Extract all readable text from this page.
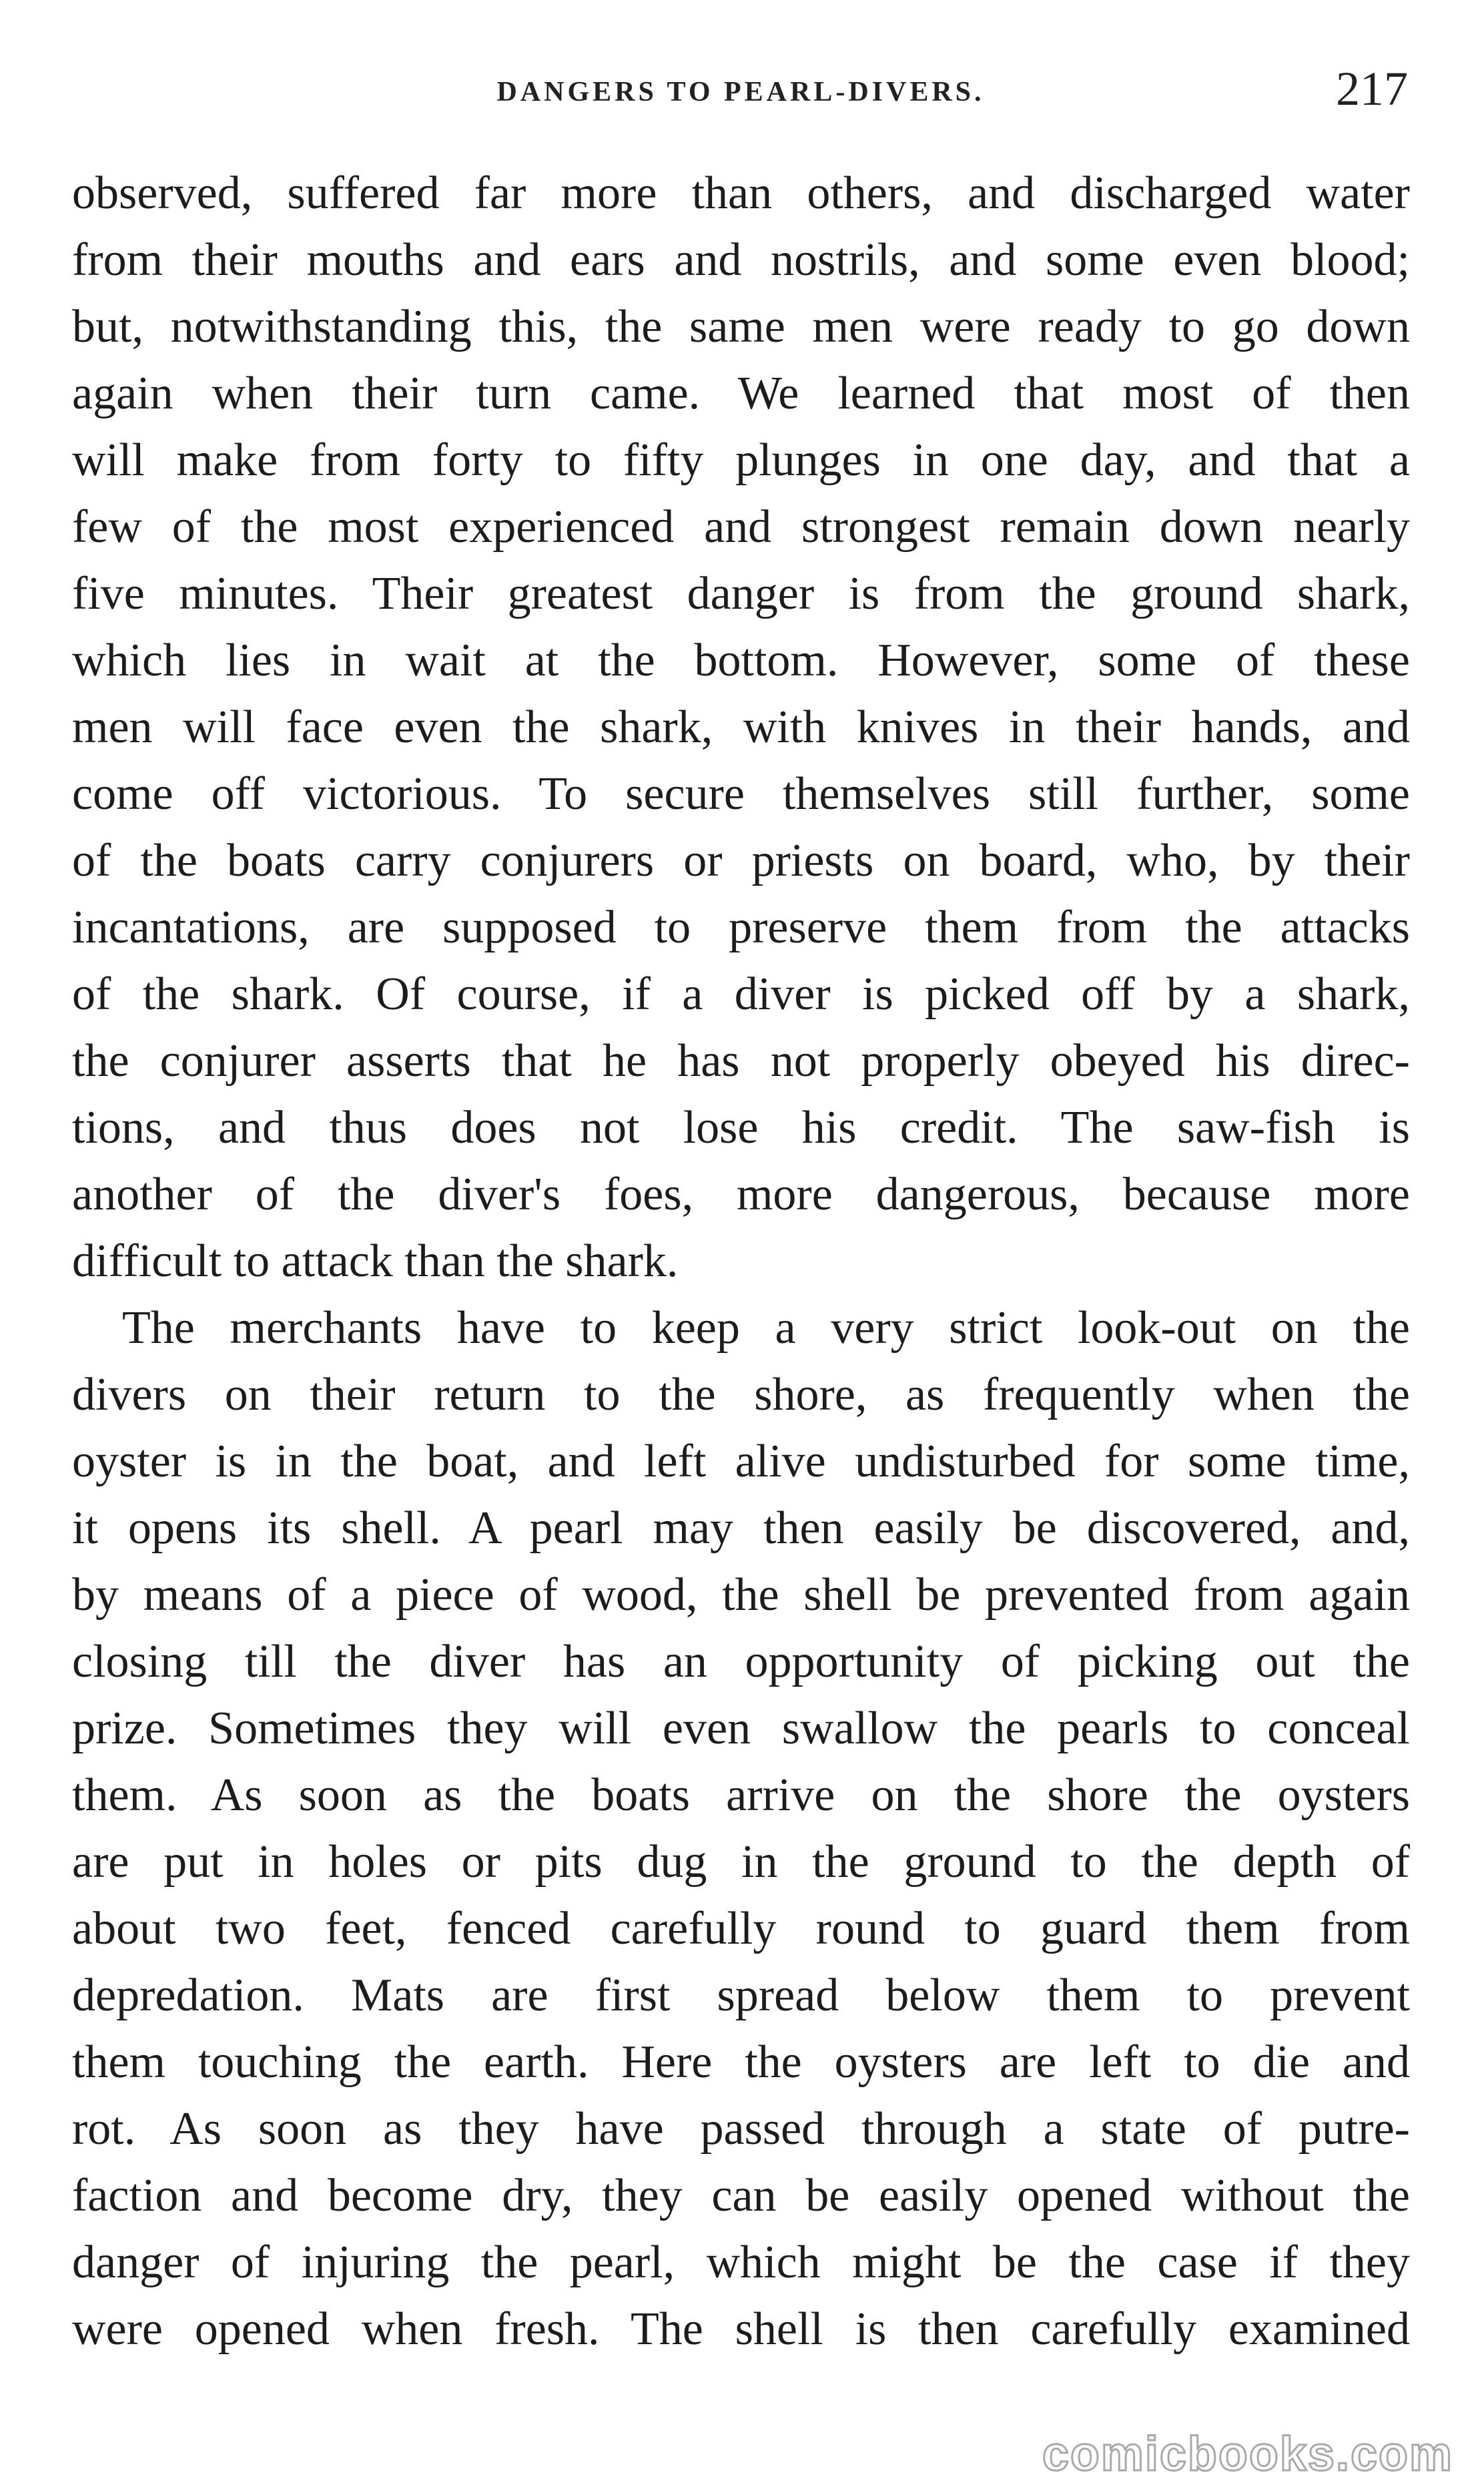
DANGERS TO PEARL-DIVERS.	217
observed, suffered far more than others, and discharged water
from their mouths and ears and nostrils, and some even blood;
but, notwithstanding this, the same men were ready to go down
again when their turn came. We learned that most of then
will make from forty to fifty plunges in one day, and that a
few of the most experienced and strongest remain down nearly
five minutes. Their greatest danger is from the ground shark,
which lies in wait at the bottom. However, some of these
men will face even the shark, with knives in their hands, and
come off victorious. To secure themselves still further, some
of the boats carry conjurers or priests on board, who, by their
incantations, are supposed to preserve them from the attacks
of the shark. Of course, if a diver is picked off by a shark,
the conjurer asserts that he has not properly obeyed his direc-
tions, and thus does not lose his credit. The saw-fish is
another of the diver's foes, more dangerous, because more
difficult to attack than the shark.
The merchants have to keep a very strict look-out on the
divers on their return to the shore, as frequently when the
oyster is in the boat, and left alive undisturbed for some time,
it opens its shell. A pearl may then easily be discovered, and,
by means of a piece of wood, the shell be prevented from again
closing till the diver has an opportunity of picking out the
prize. Sometimes they will even swallow the pearls to conceal
them. As soon as the boats arrive on the shore the oysters
are put in holes or pits dug in the ground to the depth of
about two feet, fenced carefully round to guard them from
depredation. Mats are first spread below them to prevent
them touching the earth. Here the oysters are left to die and
rot. As soon as they have passed through a state of putre-
faction and become dry, they can be easily opened without the
danger of injuring the pearl, which might be the case if they
were opened when fresh. The shell is then carefully examined
comicbooks.com
